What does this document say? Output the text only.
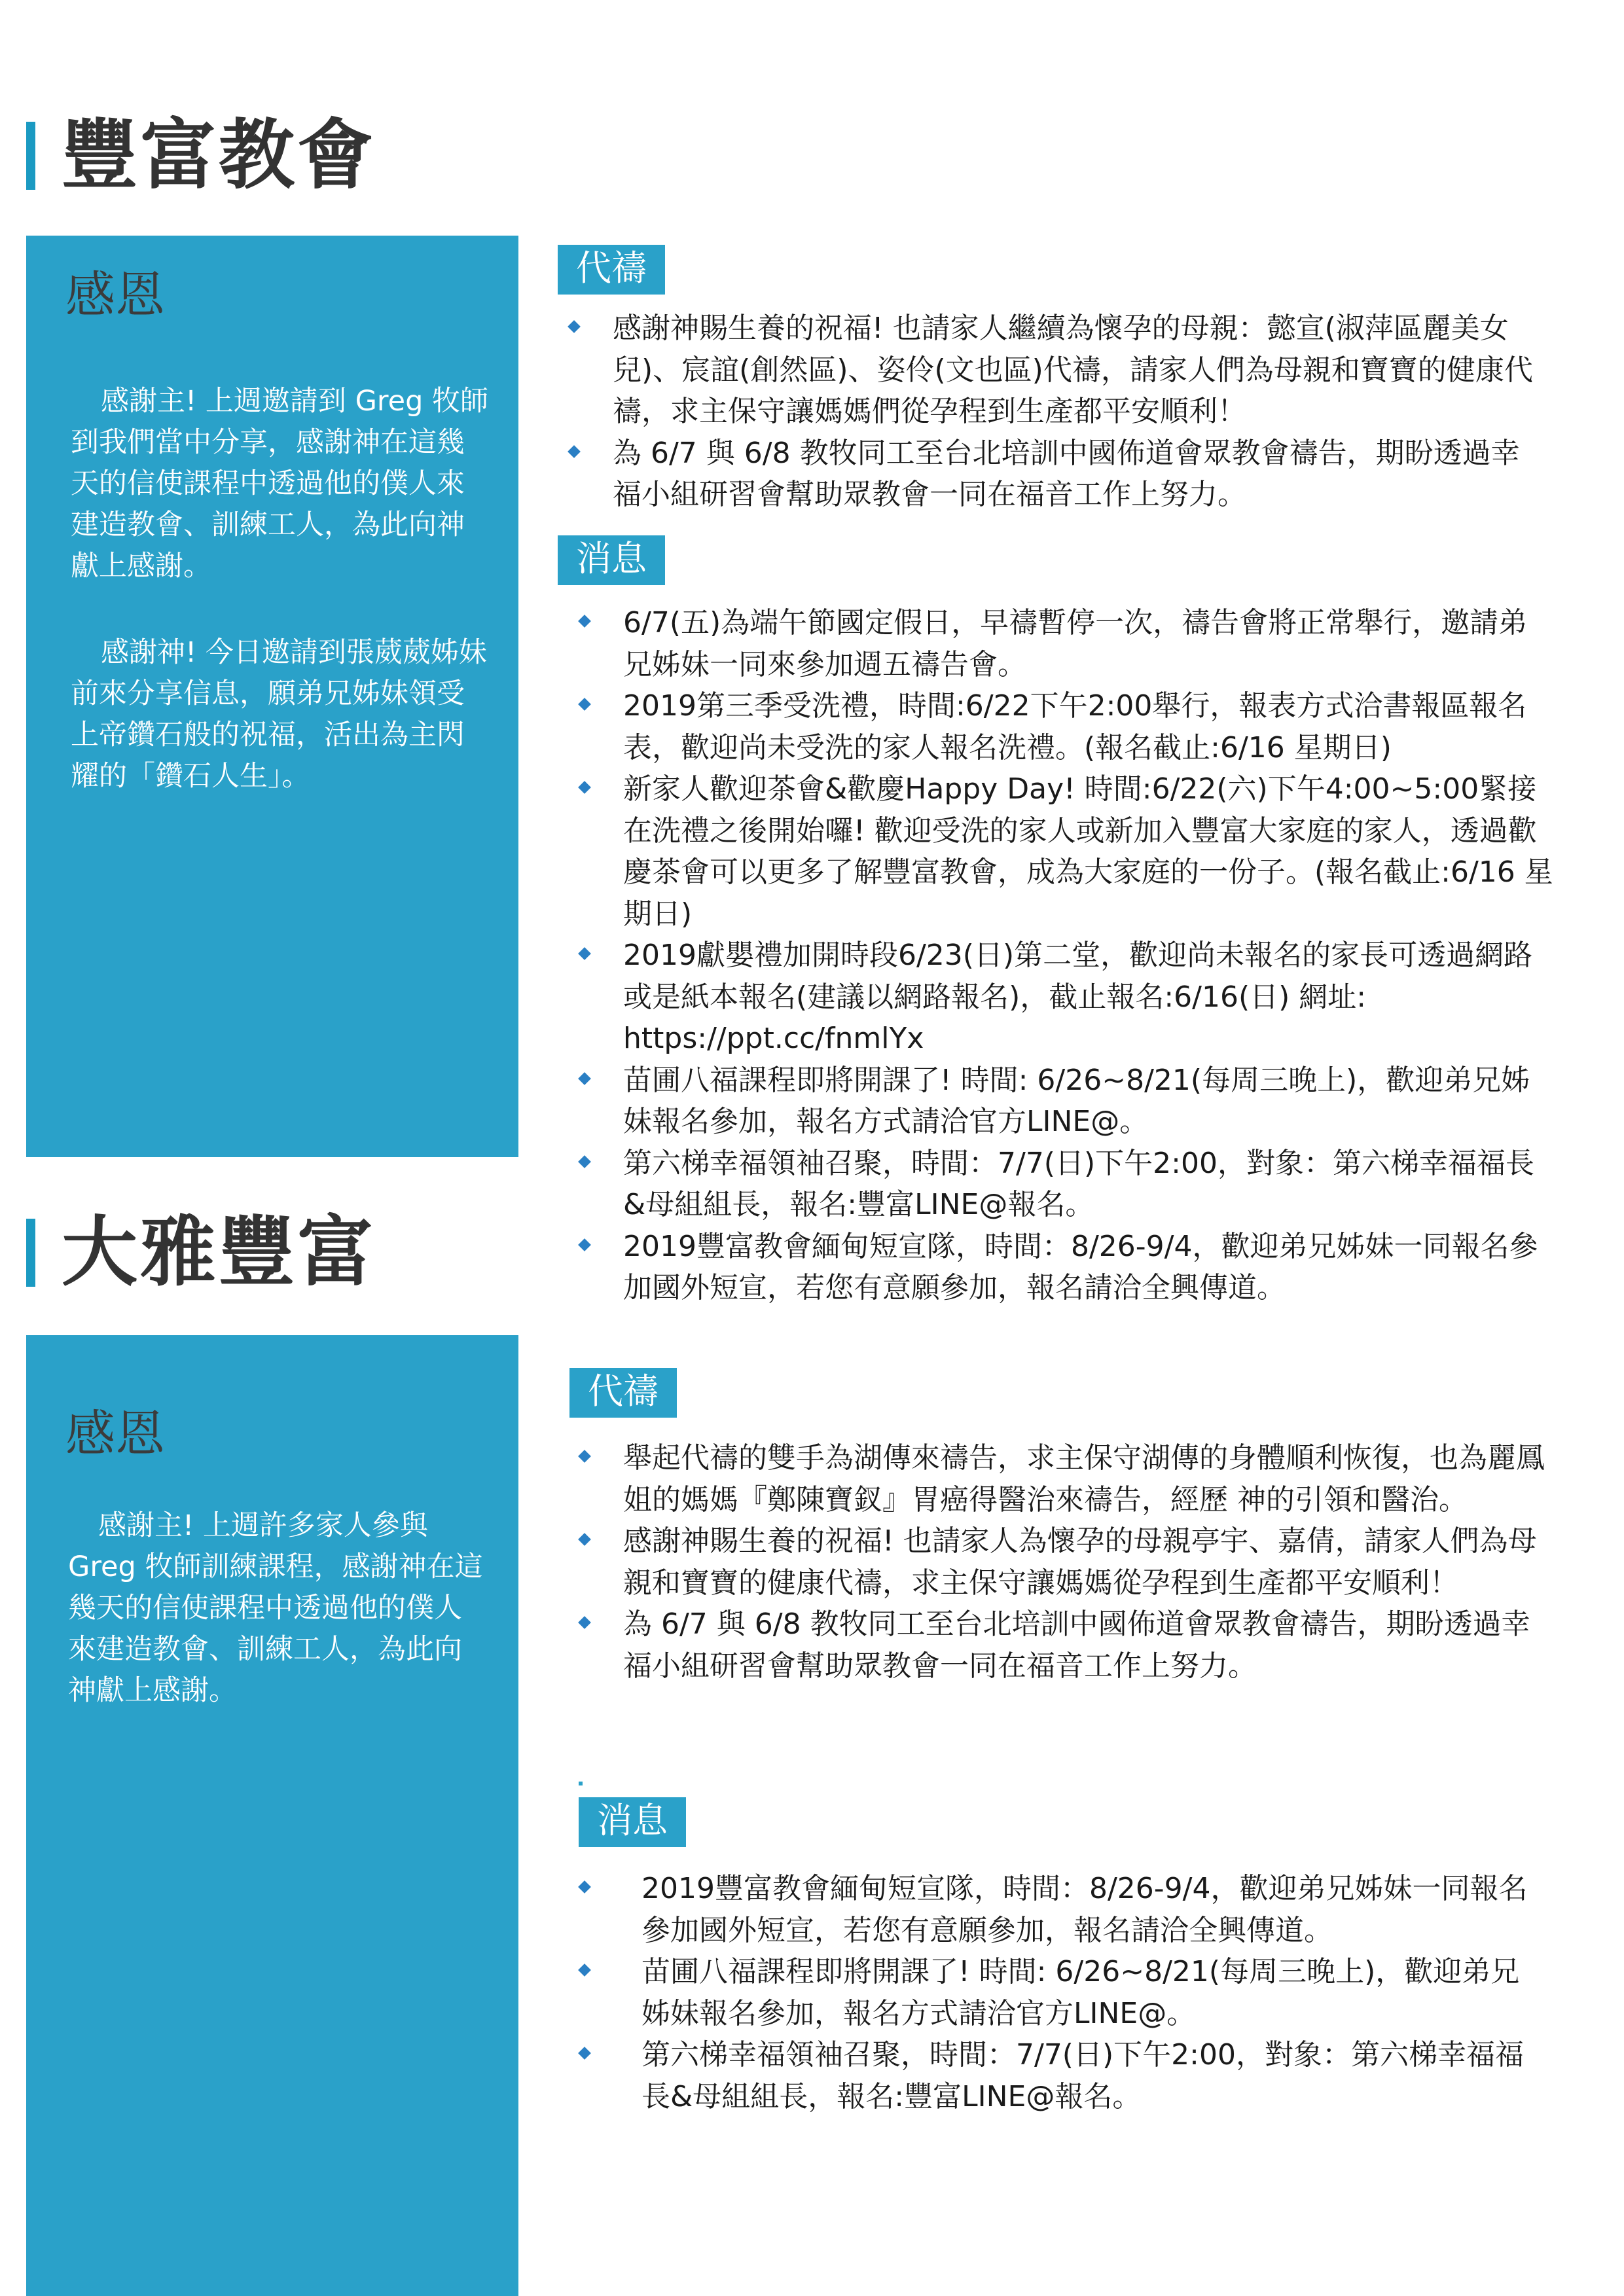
豐富教會
感恩

感謝主! 上週邀請到 Greg 牧師到我們當中分享，感謝神在這幾天的信使課程中透過他的僕人來建造教會、訓練工人，為此向神獻上感謝。

感謝神! 今日邀請到張葳葳姊妹前來分享信息，願弟兄姊妹領受上帝鑽石般的祝福，活出為主閃耀的「鑽石人生」。

代禱
感謝神賜生養的祝福! 也請家人繼續為懷孕的母親：懿宣(淑萍區麗美女兒)、宸誼(創然區)、姿伶(文也區)代禱，請家人們為母親和寶寶的健康代禱，求主保守讓媽媽們從孕程到生產都平安順利！
為 6/7 與 6/8 教牧同工至台北培訓中國佈道會眾教會禱告，期盼透過幸福小組研習會幫助眾教會一同在福音工作上努力。
消息
6/7(五)為端午節國定假日，早禱暫停一次，禱告會將正常舉行，邀請弟兄姊妹一同來參加週五禱告會。
2019第三季受洗禮，時間:6/22下午2:00舉行，報表方式洽書報區報名表，歡迎尚未受洗的家人報名洗禮。(報名截止:6/16 星期日)
新家人歡迎茶會&歡慶Happy Day! 時間:6/22(六)下午4:00~5:00緊接在洗禮之後開始囉! 歡迎受洗的家人或新加入豐富大家庭的家人，透過歡慶茶會可以更多了解豐富教會，成為大家庭的一份子。(報名截止:6/16 星期日)
2019獻嬰禮加開時段6/23(日)第二堂，歡迎尚未報名的家長可透過網路或是紙本報名(建議以網路報名)，截止報名:6/16(日) 網址: https://ppt.cc/fnmlYx
苗圃八福課程即將開課了! 時間: 6/26~8/21(每周三晚上)，歡迎弟兄姊妹報名參加，報名方式請洽官方LINE@。
第六梯幸福領袖召聚，時間：7/7(日)下午2:00，對象：第六梯幸福福長&母組組長，報名:豐富LINE@報名。
2019豐富教會緬甸短宣隊，時間：8/26-9/4，歡迎弟兄姊妹一同報名參加國外短宣，若您有意願參加，報名請洽全興傳道。
大雅豐富
感恩

感謝主! 上週許多家人參與 Greg 牧師訓練課程，感謝神在這幾天的信使課程中透過他的僕人來建造教會、訓練工人，為此向神獻上感謝。

代禱
舉起代禱的雙手為湖傳來禱告，求主保守湖傳的身體順利恢復，也為麗鳳姐的媽媽『鄭陳寶釵』胃癌得醫治來禱告，經歷 神的引領和醫治。
感謝神賜生養的祝福! 也請家人為懷孕的母親亭宇、嘉倩，請家人們為母親和寶寶的健康代禱，求主保守讓媽媽從孕程到生產都平安順利！
為 6/7 與 6/8 教牧同工至台北培訓中國佈道會眾教會禱告，期盼透過幸福小組研習會幫助眾教會一同在福音工作上努力。
消息
2019豐富教會緬甸短宣隊，時間：8/26-9/4，歡迎弟兄姊妹一同報名參加國外短宣，若您有意願參加，報名請洽全興傳道。
苗圃八福課程即將開課了! 時間: 6/26~8/21(每周三晚上)，歡迎弟兄姊妹報名參加，報名方式請洽官方LINE@。
第六梯幸福領袖召聚，時間：7/7(日)下午2:00，對象：第六梯幸福福長&母組組長，報名:豐富LINE@報名。
